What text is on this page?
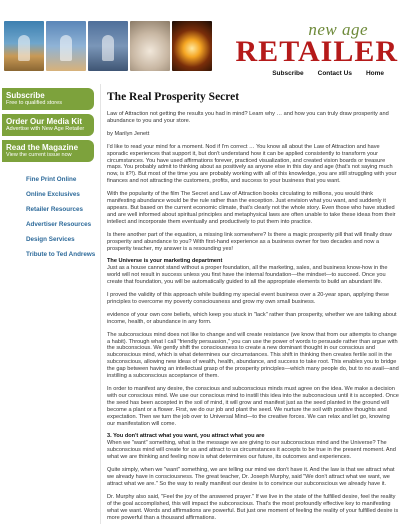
new age
RETAILER
Subscribe Contact Us Home
Subscribe
Free to qualified stores
Order Our Media Kit
Advertise with New Age Retailer
Read the Magazine
View the current issue now
Fine Print Online
Online Exclusives
Retailer Resources
Advertiser Resources
Design Services
Tribute to Ted Andrews
The Real Prosperity Secret

Law of Attraction not getting the results you had in mind? Learn why … and how you can truly draw prosperity and abundance to you and your store.

by Marilyn Jenett

I'd like to read your mind for a moment. Nod if I'm correct … You know all about the Law of Attraction and have sporadic experiences that support it, but don't understand how it can be applied consistently to transform your circumstances. You have used affirmations forever, practiced visualization, and created vision boards or treasure maps. You probably admit to thinking about as positively as anyone else in this day and age (that's not saying much now, is it?!). But most of the time you are probably working with all of this knowledge, you are still struggling with your finances and not attracting the customers, profits, and success to your business that you want.

With the popularity of the film The Secret and Law of Attraction books circulating to millions, you would think manifesting abundance would be the rule rather than the exception. Just envision what you want, and suddenly it appears. But based on the current economic climate, that's clearly not the whole story. Even those who have studied and are well informed about spiritual principles and metaphysical laws are often unable to take these ideas from their intellect and incorporate them eventually and productively to put them into practice.

Is there another part of the equation, a missing link somewhere? Is there a magic prosperity pill that will finally draw prosperity and abundance to you? With first-hand experience as a business owner for two decades and now a prosperity teacher, my answer is a resounding yes!

The Universe is your marketing department

Just as a house cannot stand without a proper foundation, all the marketing, sales, and business know-how in the world will not result in success unless you first have the internal foundation—the mindset—to succeed. Once you create that foundation, you will be automatically guided to all the appropriate elements to build an abundant life.

I proved the validity of this approach while building my special event business over a 20-year span, applying these principles to overcome my poverty consciousness and grow my own small business.

evidence of your own core beliefs, which keep you stuck in "lack" rather than prosperity, whether we are talking about income, health, or abundance in any form.

The subconscious mind does not like to change and will create resistance (we know that from our attempts to change a habit). Through what I call "friendly persuasion," you can use the power of words to persuade rather than argue with the subconscious. We gently shift the consciousness to create a new dominant thought in our conscious and subconscious mind, which is what determines our circumstances. This shift in thinking then creates fertile soil in the subconscious, allowing new ideas of wealth, health, abundance, and success to take root. This enables you to bridge the gap between having an intellectual grasp of the prosperity principles—which many people do, but to no avail—and instilling a subconscious acceptance of them.

In order to manifest any desire, the conscious and subconscious minds must agree on the idea. We make a decision with our conscious mind. We use our conscious mind to instill this idea into the subconscious until it is accepted. Once the seed has been accepted in the soil of mind, it will grow and manifest just as the seed planted in the ground will become a plant or a flower. First, we do our job and plant the seed. We nurture the soil with positive thoughts and expectation. Then we turn the job over to Universal Mind—to the creative forces. We can relax and let go, knowing our manifestation will come.

3. You don't attract what you want, you attract what you are

When we "want" something, what is the message we are giving to our subconscious mind and the Universe? The subconscious mind will create for us and attract to us circumstances it accepts to be true in the present moment. And what we are thinking and feeling now is what determines our future, its outcomes and experiences.

Quite simply, when we "want" something, we are telling our mind we don't have it. And the law is that we attract what we already have in consciousness. The great teacher, Dr. Joseph Murphy, said "We don't attract what we want, we attract what we are." So the way to really manifest our desire is to convince our subconscious we already have it.

Dr. Murphy also said, "Feel the joy of the answered prayer." If we live in the state of the fulfilled desire, feel the reality of the goal accomplished, this will impact the subconscious. That's the most profoundly effective key to manifesting what we want. Words and affirmations are powerful. But just one moment of feeling the reality of your fulfilled desire is more powerful than a thousand affirmations.
